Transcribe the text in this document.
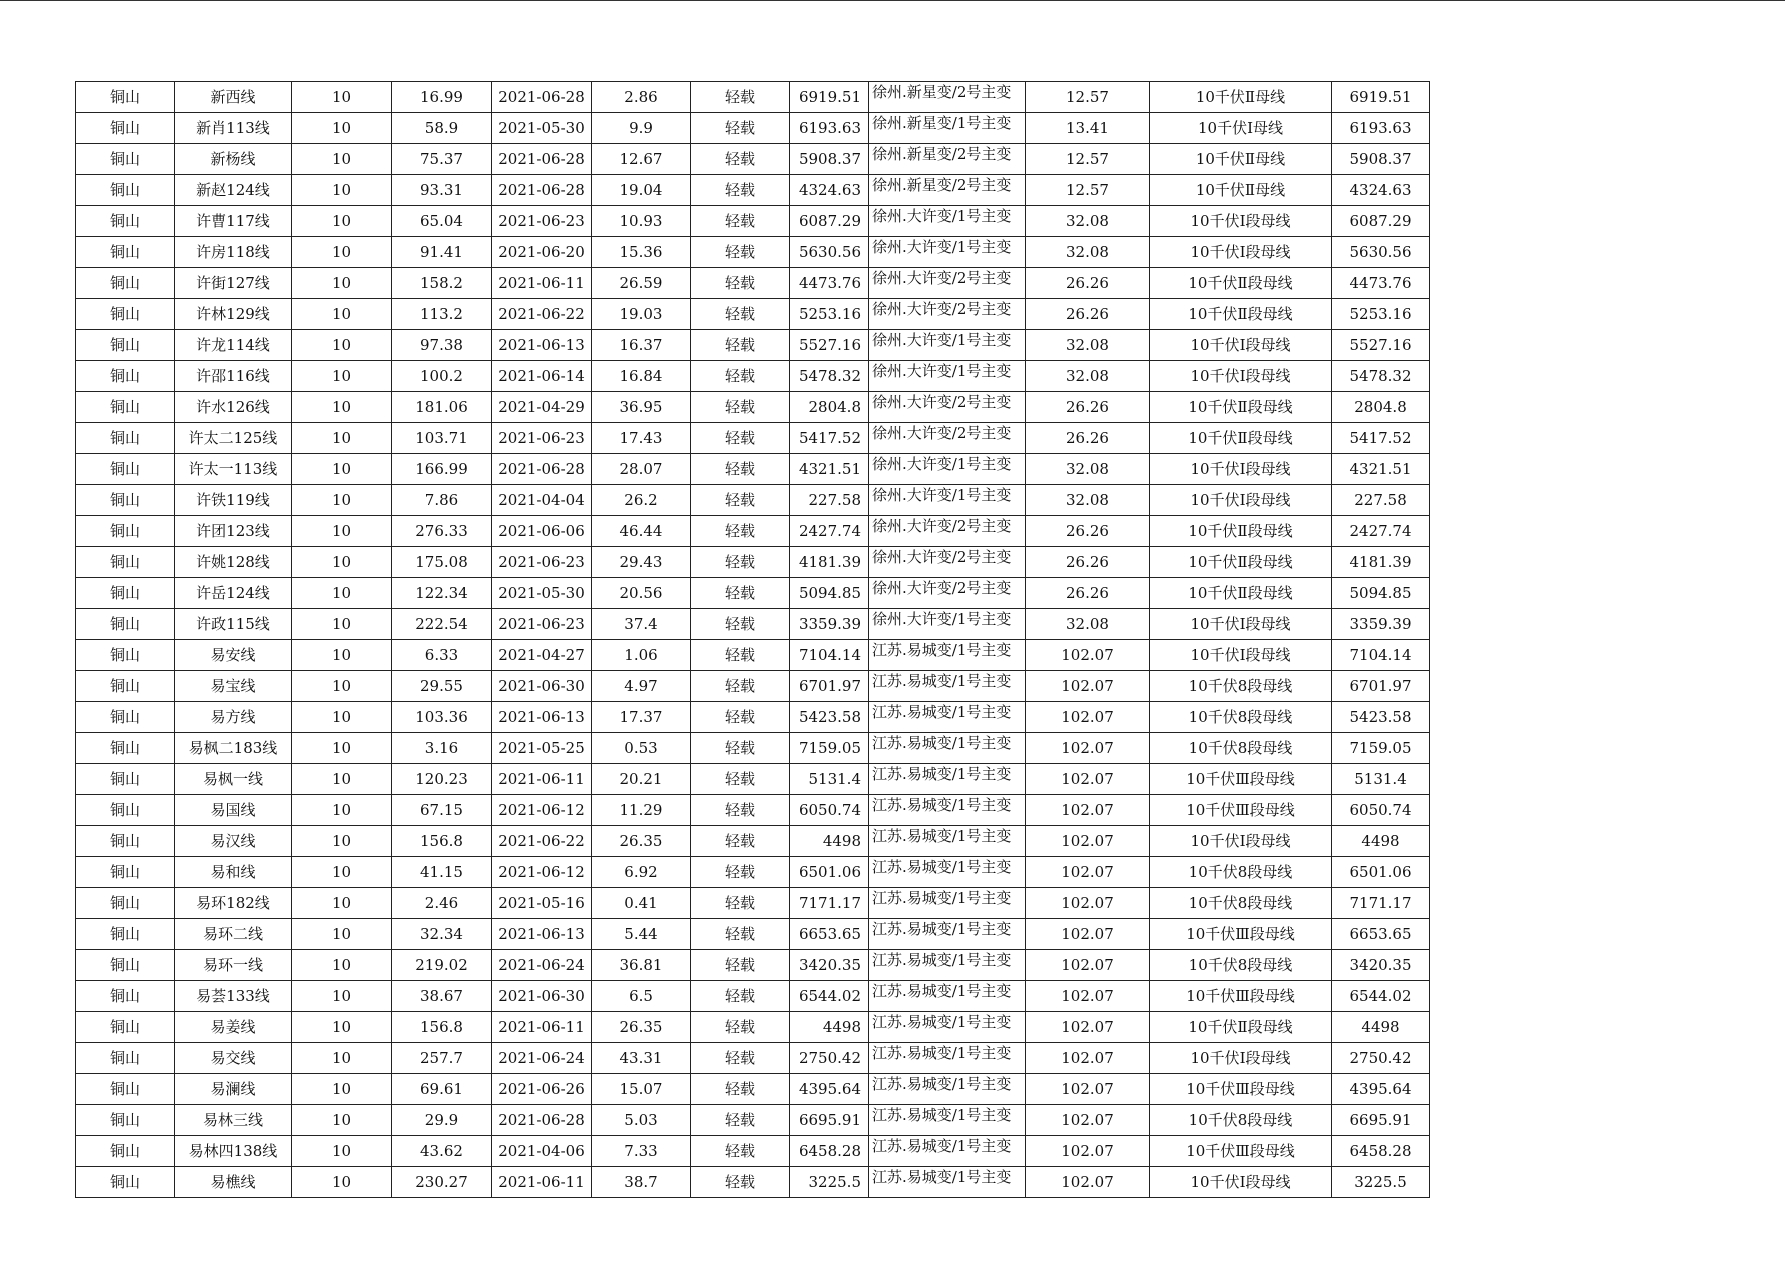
铜山	新西线	10	16.99	2021-06-28	2.86	轻载	6919.51	徐州.新星变/2号主变	12.57	10千伏Ⅱ母线	6919.51
铜山	新肖113线	10	58.9	2021-05-30	9.9	轻载	6193.63	徐州.新星变/1号主变	13.41	10千伏Ⅰ母线	6193.63
铜山	新杨线	10	75.37	2021-06-28	12.67	轻载	5908.37	徐州.新星变/2号主变	12.57	10千伏Ⅱ母线	5908.37
铜山	新赵124线	10	93.31	2021-06-28	19.04	轻载	4324.63	徐州.新星变/2号主变	12.57	10千伏Ⅱ母线	4324.63
铜山	许曹117线	10	65.04	2021-06-23	10.93	轻载	6087.29	徐州.大许变/1号主变	32.08	10千伏Ⅰ段母线	6087.29
铜山	许房118线	10	91.41	2021-06-20	15.36	轻载	5630.56	徐州.大许变/1号主变	32.08	10千伏Ⅰ段母线	5630.56
铜山	许街127线	10	158.2	2021-06-11	26.59	轻载	4473.76	徐州.大许变/2号主变	26.26	10千伏Ⅱ段母线	4473.76
铜山	许林129线	10	113.2	2021-06-22	19.03	轻载	5253.16	徐州.大许变/2号主变	26.26	10千伏Ⅱ段母线	5253.16
铜山	许龙114线	10	97.38	2021-06-13	16.37	轻载	5527.16	徐州.大许变/1号主变	32.08	10千伏Ⅰ段母线	5527.16
铜山	许邵116线	10	100.2	2021-06-14	16.84	轻载	5478.32	徐州.大许变/1号主变	32.08	10千伏Ⅰ段母线	5478.32
铜山	许水126线	10	181.06	2021-04-29	36.95	轻载	2804.8	徐州.大许变/2号主变	26.26	10千伏Ⅱ段母线	2804.8
铜山	许太二125线	10	103.71	2021-06-23	17.43	轻载	5417.52	徐州.大许变/2号主变	26.26	10千伏Ⅱ段母线	5417.52
铜山	许太一113线	10	166.99	2021-06-28	28.07	轻载	4321.51	徐州.大许变/1号主变	32.08	10千伏Ⅰ段母线	4321.51
铜山	许铁119线	10	7.86	2021-04-04	26.2	轻载	227.58	徐州.大许变/1号主变	32.08	10千伏Ⅰ段母线	227.58
铜山	许团123线	10	276.33	2021-06-06	46.44	轻载	2427.74	徐州.大许变/2号主变	26.26	10千伏Ⅱ段母线	2427.74
铜山	许姚128线	10	175.08	2021-06-23	29.43	轻载	4181.39	徐州.大许变/2号主变	26.26	10千伏Ⅱ段母线	4181.39
铜山	许岳124线	10	122.34	2021-05-30	20.56	轻载	5094.85	徐州.大许变/2号主变	26.26	10千伏Ⅱ段母线	5094.85
铜山	许政115线	10	222.54	2021-06-23	37.4	轻载	3359.39	徐州.大许变/1号主变	32.08	10千伏Ⅰ段母线	3359.39
铜山	易安线	10	6.33	2021-04-27	1.06	轻载	7104.14	江苏.易城变/1号主变	102.07	10千伏Ⅰ段母线	7104.14
铜山	易宝线	10	29.55	2021-06-30	4.97	轻载	6701.97	江苏.易城变/1号主变	102.07	10千伏8段母线	6701.97
铜山	易方线	10	103.36	2021-06-13	17.37	轻载	5423.58	江苏.易城变/1号主变	102.07	10千伏8段母线	5423.58
铜山	易枫二183线	10	3.16	2021-05-25	0.53	轻载	7159.05	江苏.易城变/1号主变	102.07	10千伏8段母线	7159.05
铜山	易枫一线	10	120.23	2021-06-11	20.21	轻载	5131.4	江苏.易城变/1号主变	102.07	10千伏Ⅲ段母线	5131.4
铜山	易国线	10	67.15	2021-06-12	11.29	轻载	6050.74	江苏.易城变/1号主变	102.07	10千伏Ⅲ段母线	6050.74
铜山	易汉线	10	156.8	2021-06-22	26.35	轻载	4498	江苏.易城变/1号主变	102.07	10千伏Ⅰ段母线	4498
铜山	易和线	10	41.15	2021-06-12	6.92	轻载	6501.06	江苏.易城变/1号主变	102.07	10千伏8段母线	6501.06
铜山	易环182线	10	2.46	2021-05-16	0.41	轻载	7171.17	江苏.易城变/1号主变	102.07	10千伏8段母线	7171.17
铜山	易环二线	10	32.34	2021-06-13	5.44	轻载	6653.65	江苏.易城变/1号主变	102.07	10千伏Ⅲ段母线	6653.65
铜山	易环一线	10	219.02	2021-06-24	36.81	轻载	3420.35	江苏.易城变/1号主变	102.07	10千伏8段母线	3420.35
铜山	易荟133线	10	38.67	2021-06-30	6.5	轻载	6544.02	江苏.易城变/1号主变	102.07	10千伏Ⅲ段母线	6544.02
铜山	易姜线	10	156.8	2021-06-11	26.35	轻载	4498	江苏.易城变/1号主变	102.07	10千伏Ⅱ段母线	4498
铜山	易交线	10	257.7	2021-06-24	43.31	轻载	2750.42	江苏.易城变/1号主变	102.07	10千伏Ⅰ段母线	2750.42
铜山	易澜线	10	69.61	2021-06-26	15.07	轻载	4395.64	江苏.易城变/1号主变	102.07	10千伏Ⅲ段母线	4395.64
铜山	易林三线	10	29.9	2021-06-28	5.03	轻载	6695.91	江苏.易城变/1号主变	102.07	10千伏8段母线	6695.91
铜山	易林四138线	10	43.62	2021-04-06	7.33	轻载	6458.28	江苏.易城变/1号主变	102.07	10千伏Ⅲ段母线	6458.28
铜山	易樵线	10	230.27	2021-06-11	38.7	轻载	3225.5	江苏.易城变/1号主变	102.07	10千伏Ⅰ段母线	3225.5
